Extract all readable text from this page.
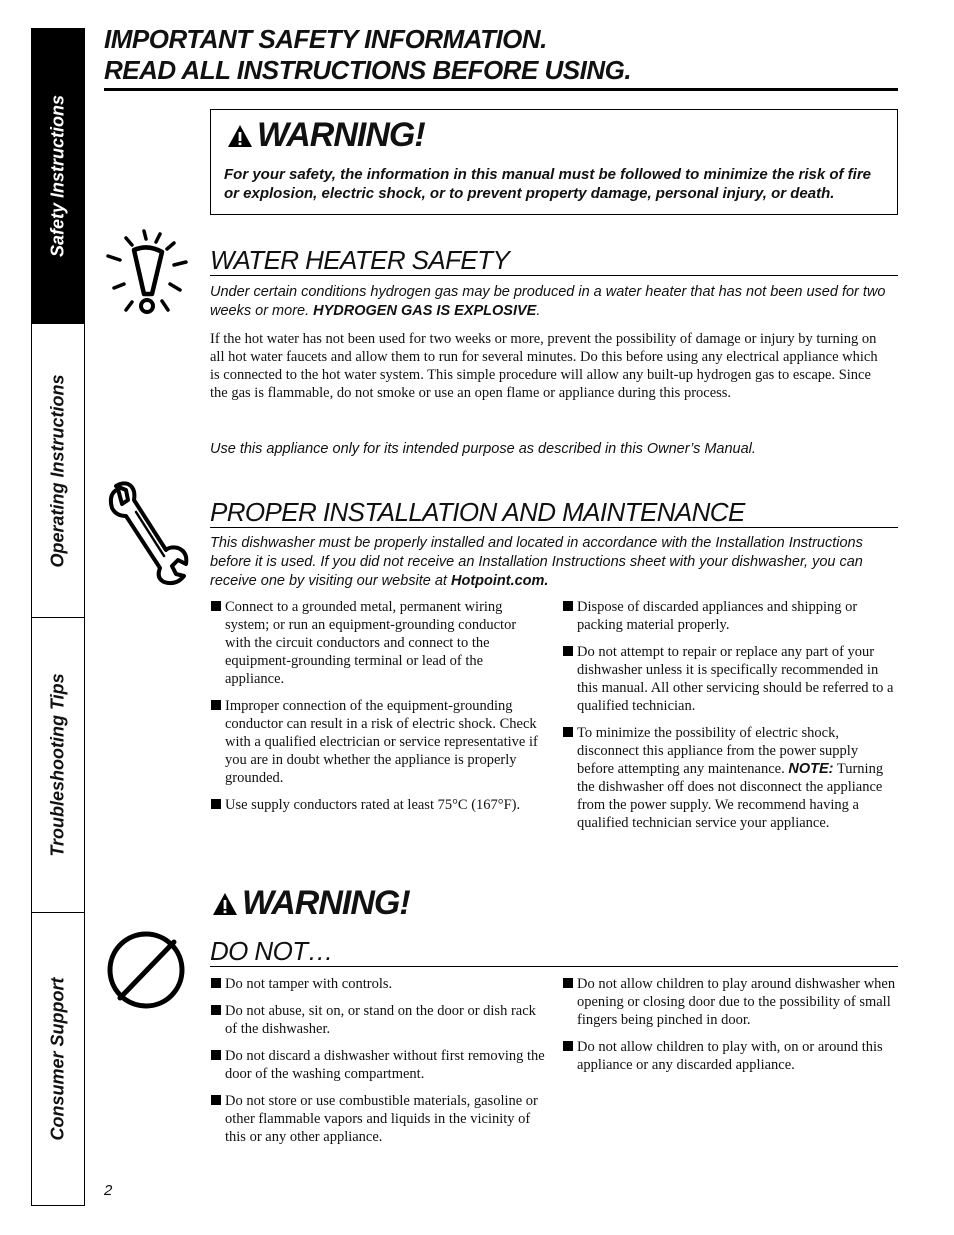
Safety Instructions
Operating Instructions
Troubleshooting Tips
Consumer Support
IMPORTANT SAFETY INFORMATION.
READ ALL INSTRUCTIONS BEFORE USING.
WARNING!
For your safety, the information in this manual must be followed to minimize the risk of fire or explosion, electric shock, or to prevent property damage, personal injury, or death.
WATER HEATER SAFETY
Under certain conditions hydrogen gas may be produced in a water heater that has not been used for two weeks or more. HYDROGEN GAS IS EXPLOSIVE.
If the hot water has not been used for two weeks or more, prevent the possibility of damage or injury by turning on all hot water faucets and allow them to run for several minutes. Do this before using any electrical appliance which is connected to the hot water system. This simple procedure will allow any built-up hydrogen gas to escape. Since the gas is flammable, do not smoke or use an open flame or appliance during this process.
Use this appliance only for its intended purpose as described in this Owner’s Manual.
PROPER INSTALLATION AND MAINTENANCE
This dishwasher must be properly installed and located in accordance with the Installation Instructions before it is used. If you did not receive an Installation Instructions sheet with your dishwasher, you can receive one by visiting our website at Hotpoint.com.
Connect to a grounded metal, permanent wiring system; or run an equipment-grounding conductor with the circuit conductors and connect to the equipment-grounding terminal or lead of the appliance.
Improper connection of the equipment-grounding conductor can result in a risk of electric shock. Check with a qualified electrician or service representative if you are in doubt whether the appliance is properly grounded.
Use supply conductors rated at least 75°C (167°F).
Dispose of discarded appliances and shipping or packing material properly.
Do not attempt to repair or replace any part of your dishwasher unless it is specifically recommended in this manual. All other servicing should be referred to a qualified technician.
To minimize the possibility of electric shock, disconnect this appliance from the power supply before attempting any maintenance. NOTE: Turning the dishwasher off does not disconnect the appliance from the power supply. We recommend having a qualified technician service your appliance.
WARNING!
DO NOT…
Do not tamper with controls.
Do not abuse, sit on, or stand on the door or dish rack of the dishwasher.
Do not discard a dishwasher without first removing the door of the washing compartment.
Do not store or use combustible materials, gasoline or other flammable vapors and liquids in the vicinity of this or any other appliance.
Do not allow children to play around dishwasher when opening or closing door due to the possibility of small fingers being pinched in door.
Do not allow children to play with, on or around this appliance or any discarded appliance.
2
